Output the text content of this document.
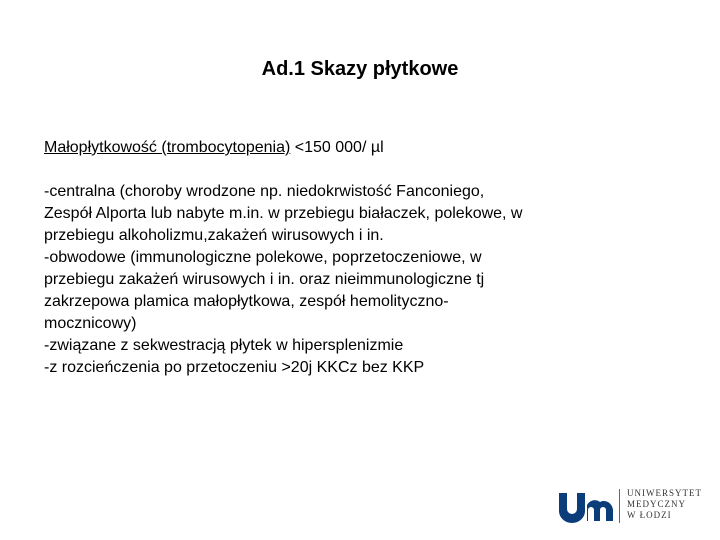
Ad.1 Skazy płytkowe
Małopłytkowość (trombocytopenia) <150 000/ µl
-centralna (choroby wrodzone np. niedokrwistość Fanconiego,
Zespół Alporta lub nabyte m.in. w przebiegu białaczek, polekowe, w
przebiegu alkoholizmu,zakażeń wirusowych i in.
-obwodowe (immunologiczne polekowe, poprzetoczeniowe, w
przebiegu zakażeń wirusowych i in. oraz nieimmunologiczne tj
zakrzepowa plamica małopłytkowa, zespół hemolityczno-
mocznicowy)
-związane z sekwestracją płytek w hipersplenizmie
-z rozcieńczenia po przetoczeniu >20j KKCz bez KKP
UNIWERSYTET
MEDYCZNY
W ŁODZI
